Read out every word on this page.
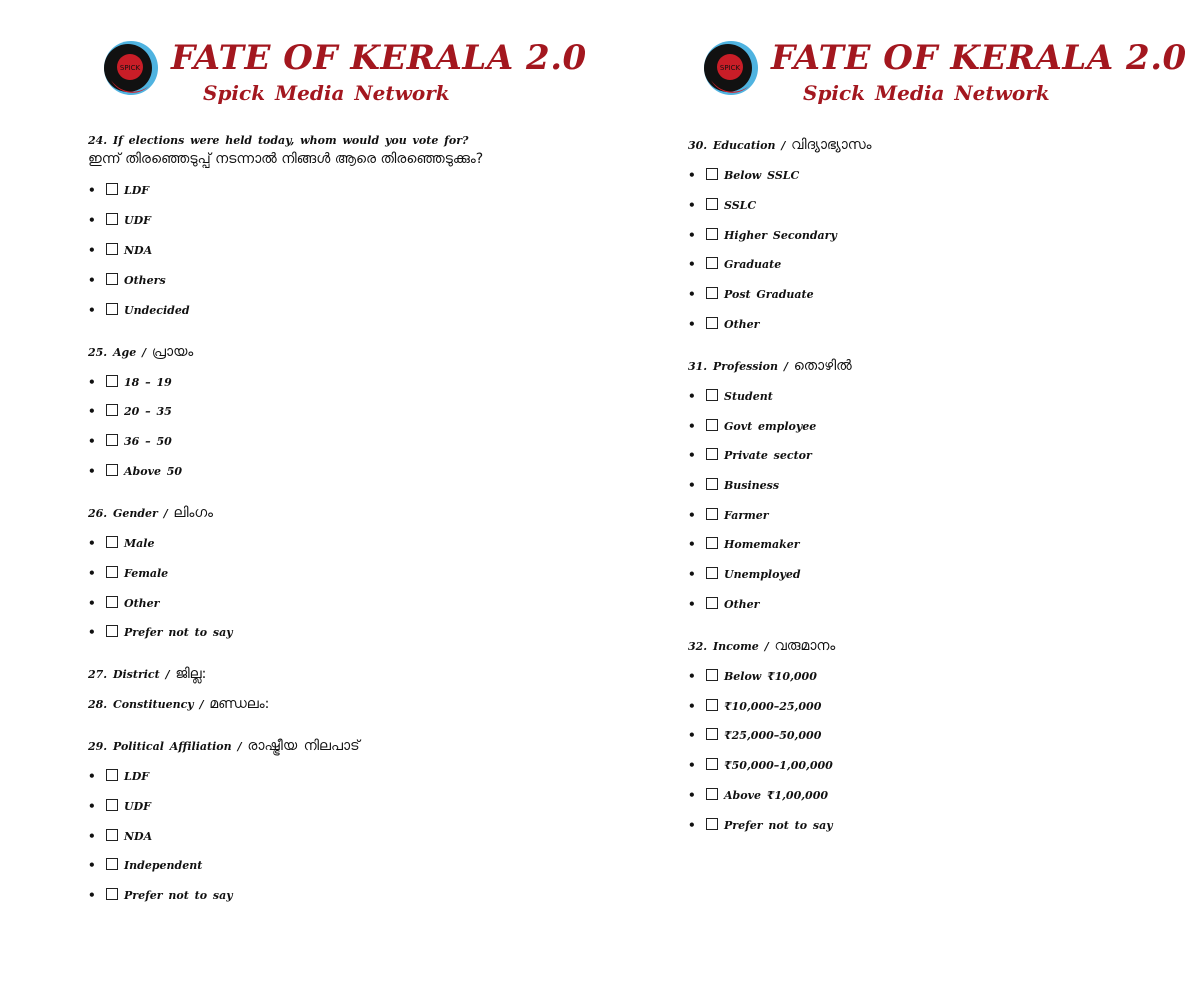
SPICK FATE OF KERALA 2.0
Spick Media Network
24. If elections were held today, whom would you vote for?
ഇന്ന് തിരഞ്ഞെടുപ്പ് നടന്നാൽ നിങ്ങൾ ആരെ തിരഞ്ഞെടുക്കും?
•	LDF
•	UDF
•	NDA
•	Others
•	Undecided
25. Age / പ്രായം
•	18 – 19
•	20 – 35
•	36 – 50
•	Above 50
26. Gender / ലിംഗം
•	Male
•	Female
•	Other
•	Prefer not to say
27. District / ജില്ല:
28. Constituency / മണ്ഡലം:
29. Political Affiliation / രാഷ്ട്രീയ നിലപാട്
•	LDF
•	UDF
•	NDA
•	Independent
•	Prefer not to say
SPICK FATE OF KERALA 2.0
Spick Media Network
30. Education / വിദ്യാഭ്യാസം
•	Below SSLC
•	SSLC
•	Higher Secondary
•	Graduate
•	Post Graduate
•	Other
31. Profession / തൊഴിൽ
•	Student
•	Govt employee
•	Private sector
•	Business
•	Farmer
•	Homemaker
•	Unemployed
•	Other
32. Income / വരുമാനം
•	Below ₹10,000
•	₹10,000–25,000
•	₹25,000–50,000
•	₹50,000–1,00,000
•	Above ₹1,00,000
•	Prefer not to say
